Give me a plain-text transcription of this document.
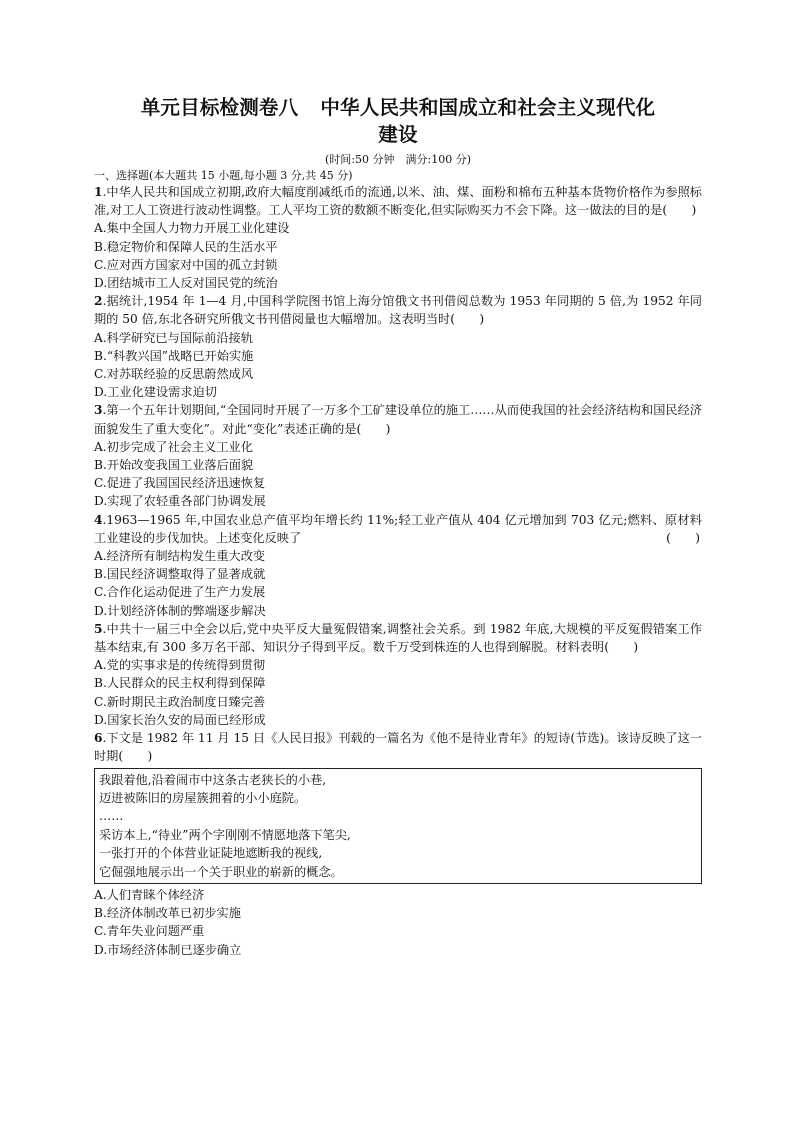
单元目标检测卷八 中华人民共和国成立和社会主义现代化
建设
(时间:50 分钟　满分:100 分)
一、选择题(本大题共 15 小题,每小题 3 分,共 45 分)
1.中华人民共和国成立初期,政府大幅度削减纸币的流通,以米、油、煤、面粉和棉布五种基本货物价格作为参照标准,对工人工资进行波动性调整。工人平均工资的数额不断变化,但实际购买力不会下降。这一做法的目的是(　　)
A.集中全国人力物力开展工业化建设
B.稳定物价和保障人民的生活水平
C.应对西方国家对中国的孤立封锁
D.团结城市工人反对国民党的统治
2.据统计,1954 年 1—4 月,中国科学院图书馆上海分馆俄文书刊借阅总数为 1953 年同期的 5 倍,为 1952 年同期的 50 倍,东北各研究所俄文书刊借阅量也大幅增加。这表明当时(　　)
A.科学研究已与国际前沿接轨
B.“科教兴国”战略已开始实施
C.对苏联经验的反思蔚然成风
D.工业化建设需求迫切
3.第一个五年计划期间,“全国同时开展了一万多个工矿建设单位的施工……从而使我国的社会经济结构和国民经济面貌发生了重大变化”。对此“变化”表述正确的是(　　)
A.初步完成了社会主义工业化
B.开始改变我国工业落后面貌
C.促进了我国国民经济迅速恢复
D.实现了农轻重各部门协调发展
4.1963—1965 年,中国农业总产值平均年增长约 11%;轻工业产值从 404 亿元增加到 703 亿元;燃料、原材料工业建设的步伐加快。上述变化反映了	(　　)
A.经济所有制结构发生重大改变
B.国民经济调整取得了显著成就
C.合作化运动促进了生产力发展
D.计划经济体制的弊端逐步解决
5.中共十一届三中全会以后,党中央平反大量冤假错案,调整社会关系。到 1982 年底,大规模的平反冤假错案工作基本结束,有 300 多万名干部、知识分子得到平反。数千万受到株连的人也得到解脱。材料表明(　　)
A.党的实事求是的传统得到贯彻
B.人民群众的民主权利得到保障
C.新时期民主政治制度日臻完善
D.国家长治久安的局面已经形成
6.下文是 1982 年 11 月 15 日《人民日报》刊载的一篇名为《他不是待业青年》的短诗(节选)。该诗反映了这一时期(　　)
我跟着他,沿着闹市中这条古老狭长的小巷,
迈进被陈旧的房屋簇拥着的小小庭院。
……
采访本上,“待业”两个字刚刚不情愿地落下笔尖,
一张打开的个体营业证陡地遮断我的视线,
它倔强地展示出一个关于职业的崭新的概念。
A.人们青睐个体经济
B.经济体制改革已初步实施
C.青年失业问题严重
D.市场经济体制已逐步确立
